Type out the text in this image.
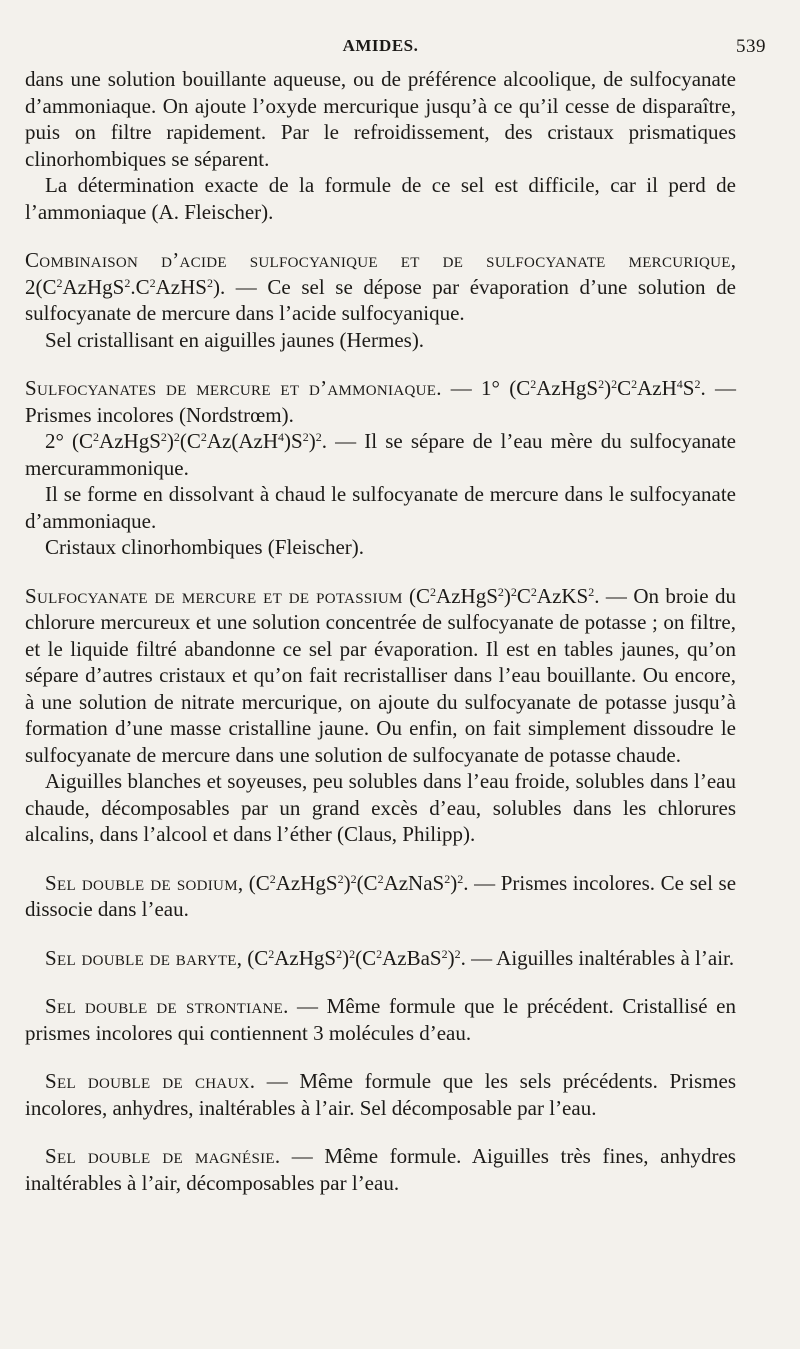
AMIDES.	539

dans une solution bouillante aqueuse, ou de préférence alcoolique, de sulfocyanate d’ammoniaque. On ajoute l’oxyde mercurique jusqu’à ce qu’il cesse de disparaître, puis on filtre rapidement. Par le refroidissement, des cristaux prismatiques clinorhombiques se séparent.

La détermination exacte de la formule de ce sel est difficile, car il perd de l’ammoniaque (A. Fleischer).

Combinaison d’acide sulfocyanique et de sulfocyanate mercurique, $2(C^2AzHgS^2.C^2AzHS^2)$. — Ce sel se dépose par évaporation d’une solution de sulfocyanate de mercure dans l’acide sulfocyanique.

Sel cristallisant en aiguilles jaunes (Hermes).

Sulfocyanates de mercure et d’ammoniaque. — 1° $(C^2AzHgS^2)^2C^2AzH^4S^2$. — Prismes incolores (Nordstrœm).

2° $(C^2AzHgS^2)^2(C^2Az(AzH^4)S^2)^2$. — Il se sépare de l’eau mère du sulfocyanate mercurammonique.

Il se forme en dissolvant à chaud le sulfocyanate de mercure dans le sulfocyanate d’ammoniaque.

Cristaux clinorhombiques (Fleischer).

Sulfocyanate de mercure et de potassium $(C^2AzHgS^2)^2C^2AzKS^2$. — On broie du chlorure mercureux et une solution concentrée de sulfocyanate de potasse ; on filtre, et le liquide filtré abandonne ce sel par évaporation. Il est en tables jaunes, qu’on sépare d’autres cristaux et qu’on fait recristalliser dans l’eau bouillante. Ou encore, à une solution de nitrate mercurique, on ajoute du sulfocyanate de potasse jusqu’à formation d’une masse cristalline jaune. Ou enfin, on fait simplement dissoudre le sulfocyanate de mercure dans une solution de sulfocyanate de potasse chaude.

Aiguilles blanches et soyeuses, peu solubles dans l’eau froide, solubles dans l’eau chaude, décomposables par un grand excès d’eau, solubles dans les chlorures alcalins, dans l’alcool et dans l’éther (Claus, Philipp).

Sel double de sodium, $(C^2AzHgS^2)^2(C^2AzNaS^2)^2$. — Prismes incolores. Ce sel se dissocie dans l’eau.

Sel double de baryte, $(C^2AzHgS^2)^2(C^2AzBaS^2)^2$. — Aiguilles inaltérables à l’air.

Sel double de strontiane. — Même formule que le précédent. Cristallisé en prismes incolores qui contiennent 3 molécules d’eau.

Sel double de chaux. — Même formule que les sels précédents. Prismes incolores, anhydres, inaltérables à l’air. Sel décomposable par l’eau.

Sel double de magnésie. — Même formule. Aiguilles très fines, anhydres inaltérables à l’air, décomposables par l’eau.
